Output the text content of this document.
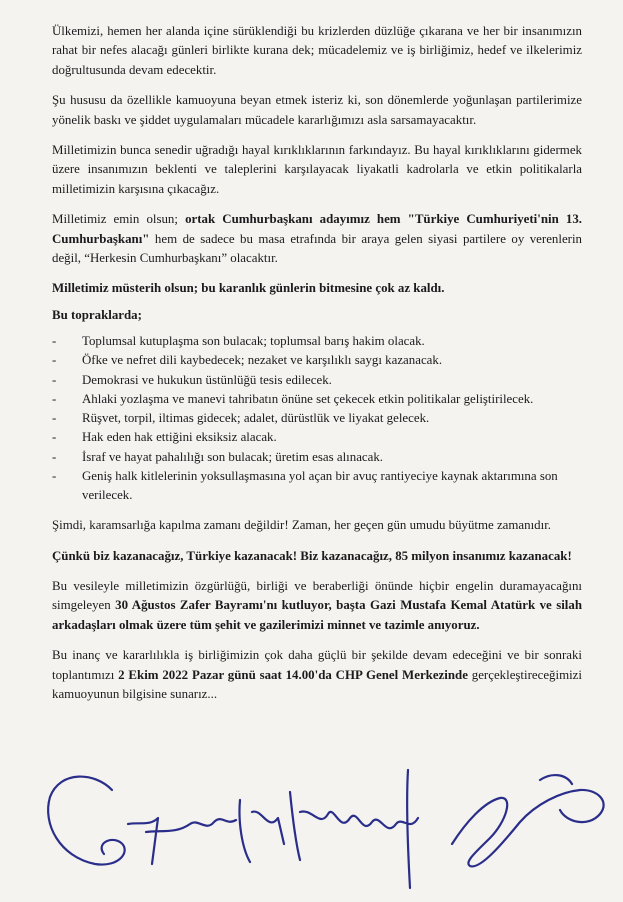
Ülkemizi, hemen her alanda içine sürüklendiği bu krizlerden düzlüğe çıkarana ve her bir insanımızın rahat bir nefes alacağı günleri birlikte kurana dek; mücadelemiz ve iş birliğimiz, hedef ve ilkelerimiz doğrultusunda devam edecektir.

Şu hususu da özellikle kamuoyuna beyan etmek isteriz ki, son dönemlerde yoğunlaşan partilerimize yönelik baskı ve şiddet uygulamaları mücadele kararlığımızı asla sarsamayacaktır.

Milletimizin bunca senedir uğradığı hayal kırıklıklarının farkındayız. Bu hayal kırıklıklarını gidermek üzere insanımızın beklenti ve taleplerini karşılayacak liyakatli kadrolarla ve etkin politikalarla milletimizin karşısına çıkacağız.

Milletimiz emin olsun; ortak Cumhurbaşkanı adayımız hem "Türkiye Cumhuriyeti'nin 13. Cumhurbaşkanı" hem de sadece bu masa etrafında bir araya gelen siyasi partilere oy verenlerin değil, “Herkesin Cumhurbaşkanı” olacaktır.

Milletimiz müsterih olsun; bu karanlık günlerin bitmesine çok az kaldı.

Bu topraklarda;

- Toplumsal kutuplaşma son bulacak; toplumsal barış hakim olacak.
- Öfke ve nefret dili kaybedecek; nezaket ve karşılıklı saygı kazanacak.
- Demokrasi ve hukukun üstünlüğü tesis edilecek.
- Ahlaki yozlaşma ve manevi tahribatın önüne set çekecek etkin politikalar geliştirilecek.
- Rüşvet, torpil, iltimas gidecek; adalet, dürüstlük ve liyakat gelecek.
- Hak eden hak ettiğini eksiksiz alacak.
- İsraf ve hayat pahalılığı son bulacak; üretim esas alınacak.
- Geniş halk kitlelerinin yoksullaşmasına yol açan bir avuç rantiyeciye kaynak aktarımına son verilecek.

Şimdi, karamsarlığa kapılma zamanı değildir! Zaman, her geçen gün umudu büyütme zamanıdır.

Çünkü biz kazanacağız, Türkiye kazanacak! Biz kazanacağız, 85 milyon insanımız kazanacak!

Bu vesileyle milletimizin özgürlüğü, birliği ve beraberliği önünde hiçbir engelin duramayacağını simgeleyen 30 Ağustos Zafer Bayramı'nı kutluyor, başta Gazi Mustafa Kemal Atatürk ve silah arkadaşları olmak üzere tüm şehit ve gazilerimizi minnet ve tazimle anıyoruz.

Bu inanç ve kararlılıkla iş birliğimizin çok daha güçlü bir şekilde devam edeceğini ve bir sonraki toplantımızı 2 Ekim 2022 Pazar günü saat 14.00'da CHP Genel Merkezinde gerçekleştireceğimizi kamuoyunun bilgisine sunarız...
